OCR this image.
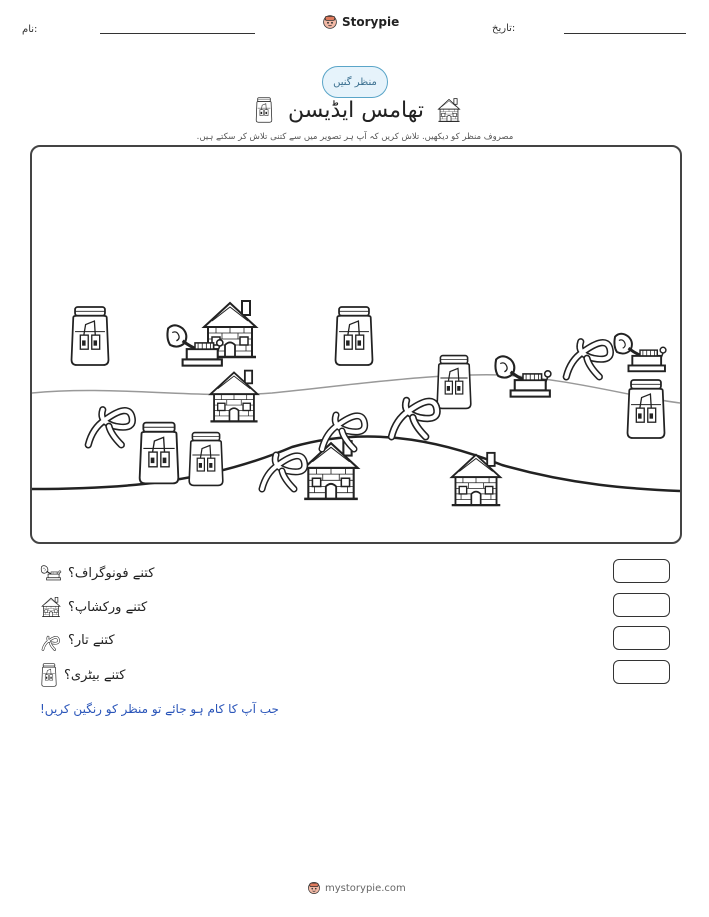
نام:
Storypie	تاریخ:
منظر گنیں
تھامس ایڈیسن
مصروف منظر کو دیکھیں. تلاش کریں کہ آپ ہر تصویر میں سے کتنی تلاش کر سکتے ہیں.
کتنے فونوگراف؟
کتنے ورکشاپ؟
کتنے تار؟
کتنے بیٹری؟
جب آپ کا کام ہو جائے تو منظر کو رنگین کریں!
mystorypie.com
